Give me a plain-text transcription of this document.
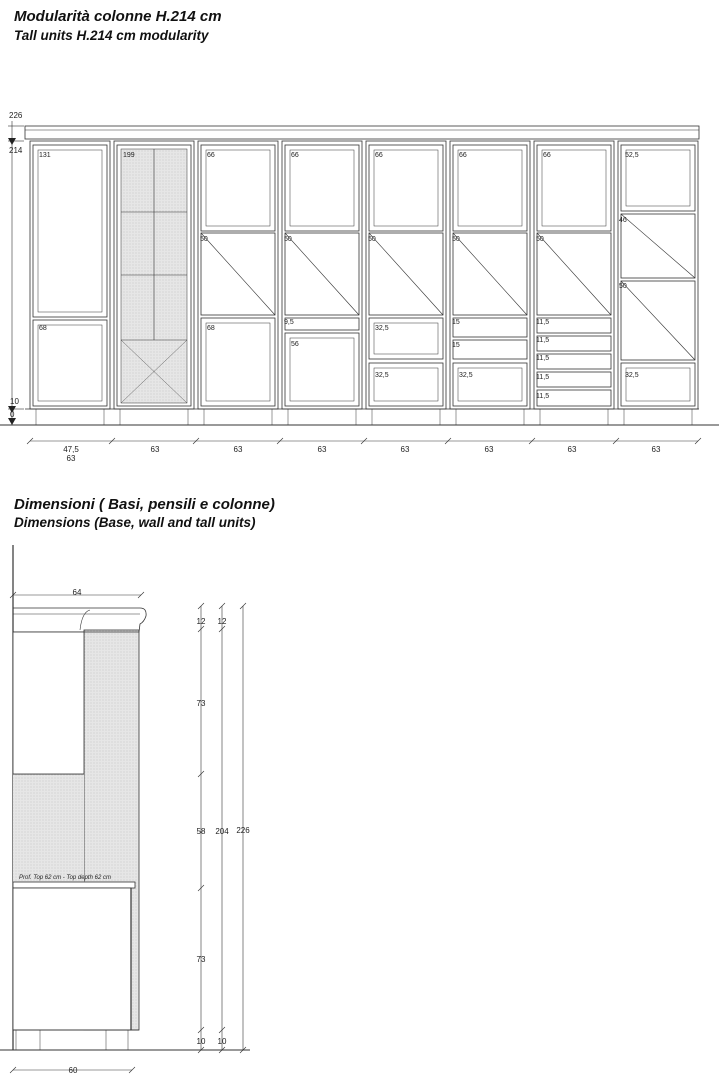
Modularità colonne H.214 cm
Tall units H.214 cm modularity
Dimensioni ( Basi, pensili e colonne)
Dimensions (Base, wall and tall units)
226
214
10
0
131
68
199	66
50
68
66
50
9,5
56
66
50
32,5
32,5
66
50
15
15
32,5
66
50
11,5
11,5
11,5
11,5
11,5
52,5
46
50
32,5
47,5
63
63	63	63	63	63	63	63
Prof. Top 62 cm - Top depth 62 cm
64
60
12
73
58
73
10
12
204
10
226
